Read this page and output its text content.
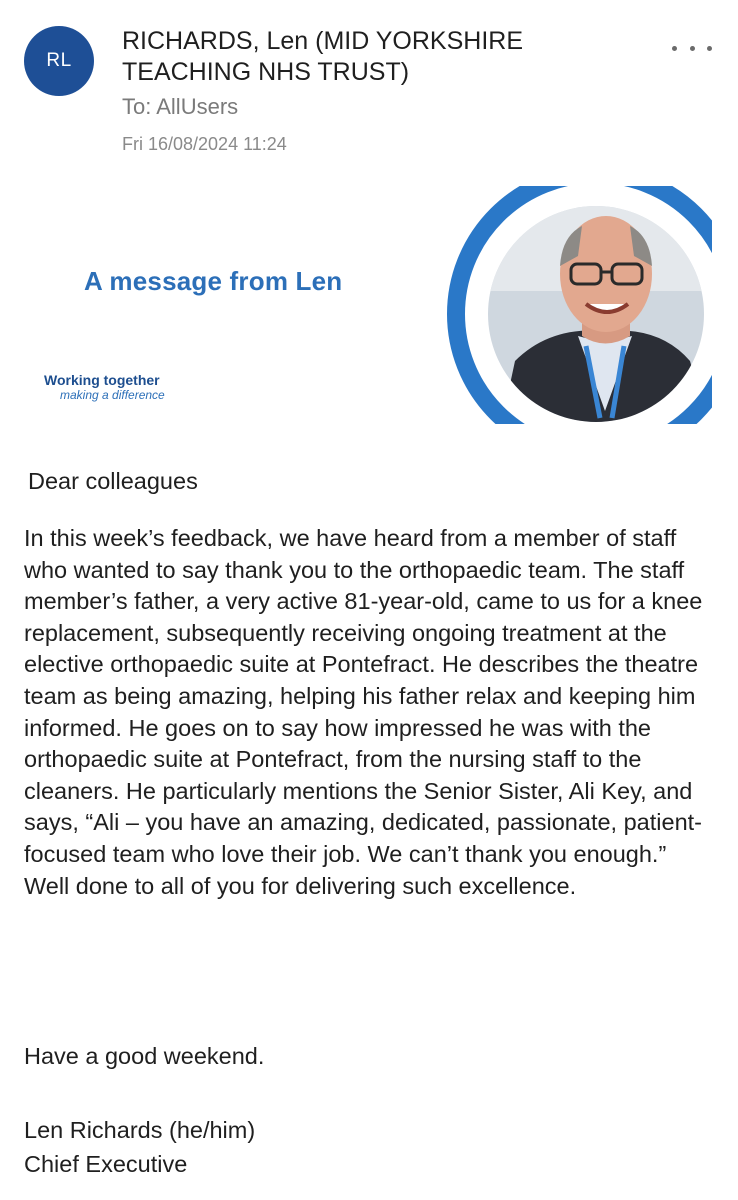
RL
RICHARDS, Len (MID YORKSHIRE TEACHING NHS TRUST)
To: AllUsers
Fri 16/08/2024 11:24
A message from Len
Working together
making a difference

Dear colleagues

In this week’s feedback, we have heard from a member of staff who wanted to say thank you to the orthopaedic team. The staff member’s father, a very active 81-year-old, came to us for a knee replacement, subsequently receiving ongoing treatment at the elective orthopaedic suite at Pontefract. He describes the theatre team as being amazing, helping his father relax and keeping him informed. He goes on to say how impressed he was with the orthopaedic suite at Pontefract, from the nursing staff to the cleaners. He particularly mentions the Senior Sister, Ali Key, and says, “Ali – you have an amazing, dedicated, passionate, patient-focused team who love their job. We can’t thank you enough.” Well done to all of you for delivering such excellence.

Have a good weekend.

Len Richards (he/him)

Chief Executive
